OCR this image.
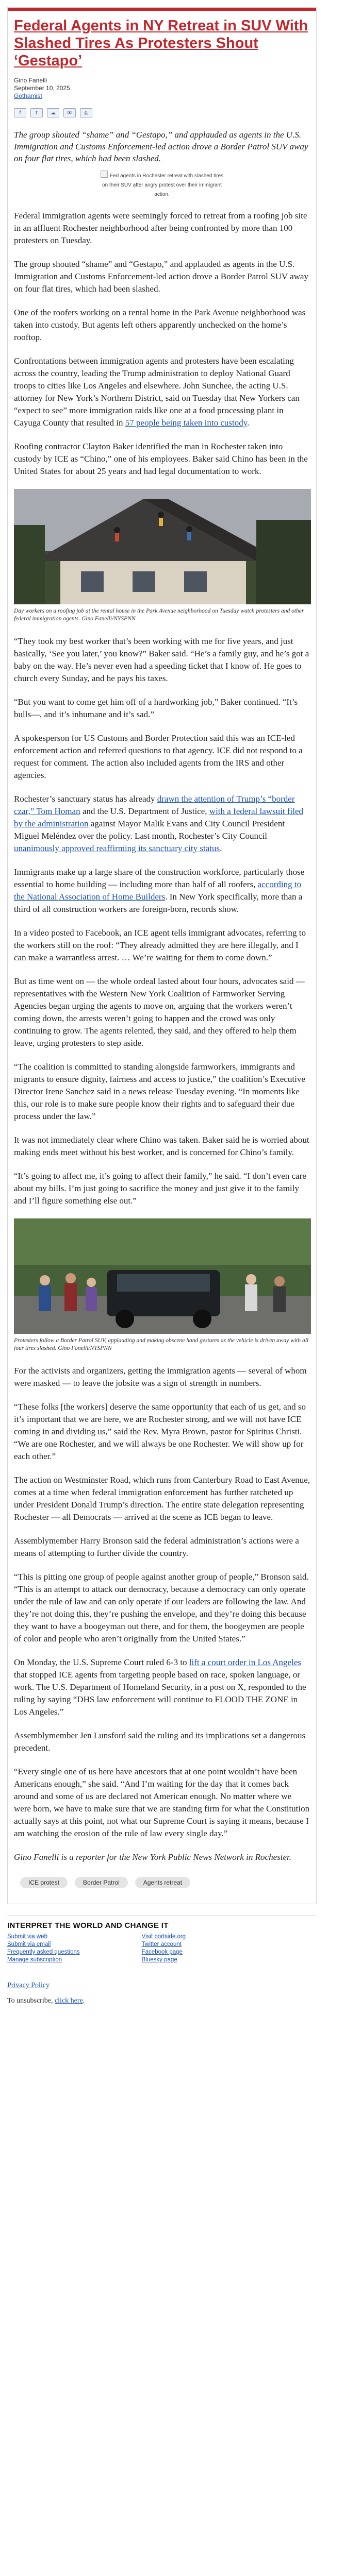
Federal Agents in NY Retreat in SUV With Slashed Tires As Protesters Shout ‘Gestapo’
Gino Fanelli
September 10, 2025
Gothamist
f	t	☁	✉	⎙
The group shouted “shame” and “Gestapo,” and applauded as agents in the U.S. Immigration and Customs Enforcement-led action drove a Border Patrol SUV away on four flat tires, which had been slashed.
Fed agents in Rochester retreat with slashed tires on their SUV after angry protest over their immigrant action.

Federal immigration agents were seemingly forced to retreat from a roofing job site in an affluent Rochester neighborhood after being confronted by more than 100 protesters on Tuesday.

The group shouted “shame” and “Gestapo,” and applauded as agents in the U.S. Immigration and Customs Enforcement-led action drove a Border Patrol SUV away on four flat tires, which had been slashed.

One of the roofers working on a rental home in the Park Avenue neighborhood was taken into custody. But agents left others apparently unchecked on the home’s rooftop.

Confrontations between immigration agents and protesters have been escalating across the country, leading the Trump administration to deploy National Guard troops to cities like Los Angeles and elsewhere. John Sunchee, the acting U.S. attorney for New York’s Northern District, said on Tuesday that New Yorkers can “expect to see” more immigration raids like one at a food processing plant in Cayuga County that resulted in 57 people being taken into custody.

Roofing contractor Clayton Baker identified the man in Rochester taken into custody by ICE as “Chino,” one of his employees. Baker said Chino has been in the United States for about 25 years and had legal documentation to work.

Day workers on a roofing job at the rental house in the Park Avenue neighborhood on Tuesday watch protesters and other federal immigration agents. Gino Fanelli/NYSPNN

“They took my best worker that’s been working with me for five years, and just basically, ‘See you later,’ you know?” Baker said. “He’s a family guy, and he’s got a baby on the way. He’s never even had a speeding ticket that I know of. He goes to church every Sunday, and he pays his taxes.

“But you want to come get him off of a hardworking job,” Baker continued. “It’s bulls—, and it’s inhumane and it’s sad.”

A spokesperson for US Customs and Border Protection said this was an ICE-led enforcement action and referred questions to that agency. ICE did not respond to a request for comment. The action also included agents from the IRS and other agencies.

Rochester’s sanctuary status has already drawn the attention of Trump’s “border czar,” Tom Homan and the U.S. Department of Justice, with a federal lawsuit filed by the administration against Mayor Malik Evans and City Council President Miguel Meléndez over the policy. Last month, Rochester’s City Council unanimously approved reaffirming its sanctuary city status.

Immigrants make up a large share of the construction workforce, particularly those essential to home building — including more than half of all roofers, according to the National Association of Home Builders. In New York specifically, more than a third of all construction workers are foreign-born, records show.

In a video posted to Facebook, an ICE agent tells immigrant advocates, referring to the workers still on the roof: “They already admitted they are here illegally, and I can make a warrantless arrest. … We’re waiting for them to come down.”

But as time went on — the whole ordeal lasted about four hours, advocates said — representatives with the Western New York Coalition of Farmworker Serving Agencies began urging the agents to move on, arguing that the workers weren’t coming down, the arrests weren’t going to happen and the crowd was only continuing to grow. The agents relented, they said, and they offered to help them leave, urging protesters to step aside.

“The coalition is committed to standing alongside farmworkers, immigrants and migrants to ensure dignity, fairness and access to justice,” the coalition’s Executive Director Irene Sanchez said in a news release Tuesday evening. “In moments like this, our role is to make sure people know their rights and to safeguard their due process under the law.”

It was not immediately clear where Chino was taken. Baker said he is worried about making ends meet without his best worker, and is concerned for Chino’s family.

“It’s going to affect me, it’s going to affect their family,” he said. “I don’t even care about my bills. I’m just going to sacrifice the money and just give it to the family and I’ll figure something else out.”

Protesters follow a Border Patrol SUV, applauding and making obscene hand gestures as the vehicle is driven away with all four tires slashed. Gino Fanelli/NYSPNN

For the activists and organizers, getting the immigration agents — several of whom were masked — to leave the jobsite was a sign of strength in numbers.

“These folks [the workers] deserve the same opportunity that each of us get, and so it’s important that we are here, we are Rochester strong, and we will not have ICE coming in and dividing us,” said the Rev. Myra Brown, pastor for Spiritus Christi. “We are one Rochester, and we will always be one Rochester. We will show up for each other.”

The action on Westminster Road, which runs from Canterbury Road to East Avenue, comes at a time when federal immigration enforcement has further ratcheted up under President Donald Trump’s direction. The entire state delegation representing Rochester — all Democrats — arrived at the scene as ICE began to leave.

Assemblymember Harry Bronson said the federal administration’s actions were a means of attempting to further divide the country.

“This is pitting one group of people against another group of people,” Bronson said. “This is an attempt to attack our democracy, because a democracy can only operate under the rule of law and can only operate if our leaders are following the law. And they’re not doing this, they’re pushing the envelope, and they’re doing this because they want to have a boogeyman out there, and for them, the boogeymen are people of color and people who aren’t originally from the United States.”

On Monday, the U.S. Supreme Court ruled 6-3 to lift a court order in Los Angeles that stopped ICE agents from targeting people based on race, spoken language, or work. The U.S. Department of Homeland Security, in a post on X, responded to the ruling by saying “DHS law enforcement will continue to FLOOD THE ZONE in Los Angeles.”

Assemblymember Jen Lunsford said the ruling and its implications set a dangerous precedent.

“Every single one of us here have ancestors that at one point wouldn’t have been Americans enough,” she said. “And I’m waiting for the day that it comes back around and some of us are declared not American enough. No matter where we were born, we have to make sure that we are standing firm for what the Constitution actually says at this point, not what our Supreme Court is saying it means, because I am watching the erosion of the rule of law every single day.”

Gino Fanelli is a reporter for the New York Public News Network in Rochester.

ICE protest	Border Patrol	Agents retreat
INTERPRET THE WORLD AND CHANGE IT
Submit via web
Submit via email
Frequently asked questions
Manage subscription
Visit portside.org
Twitter account
Facebook page
Bluesky page
Privacy Policy
To unsubscribe, click here.
